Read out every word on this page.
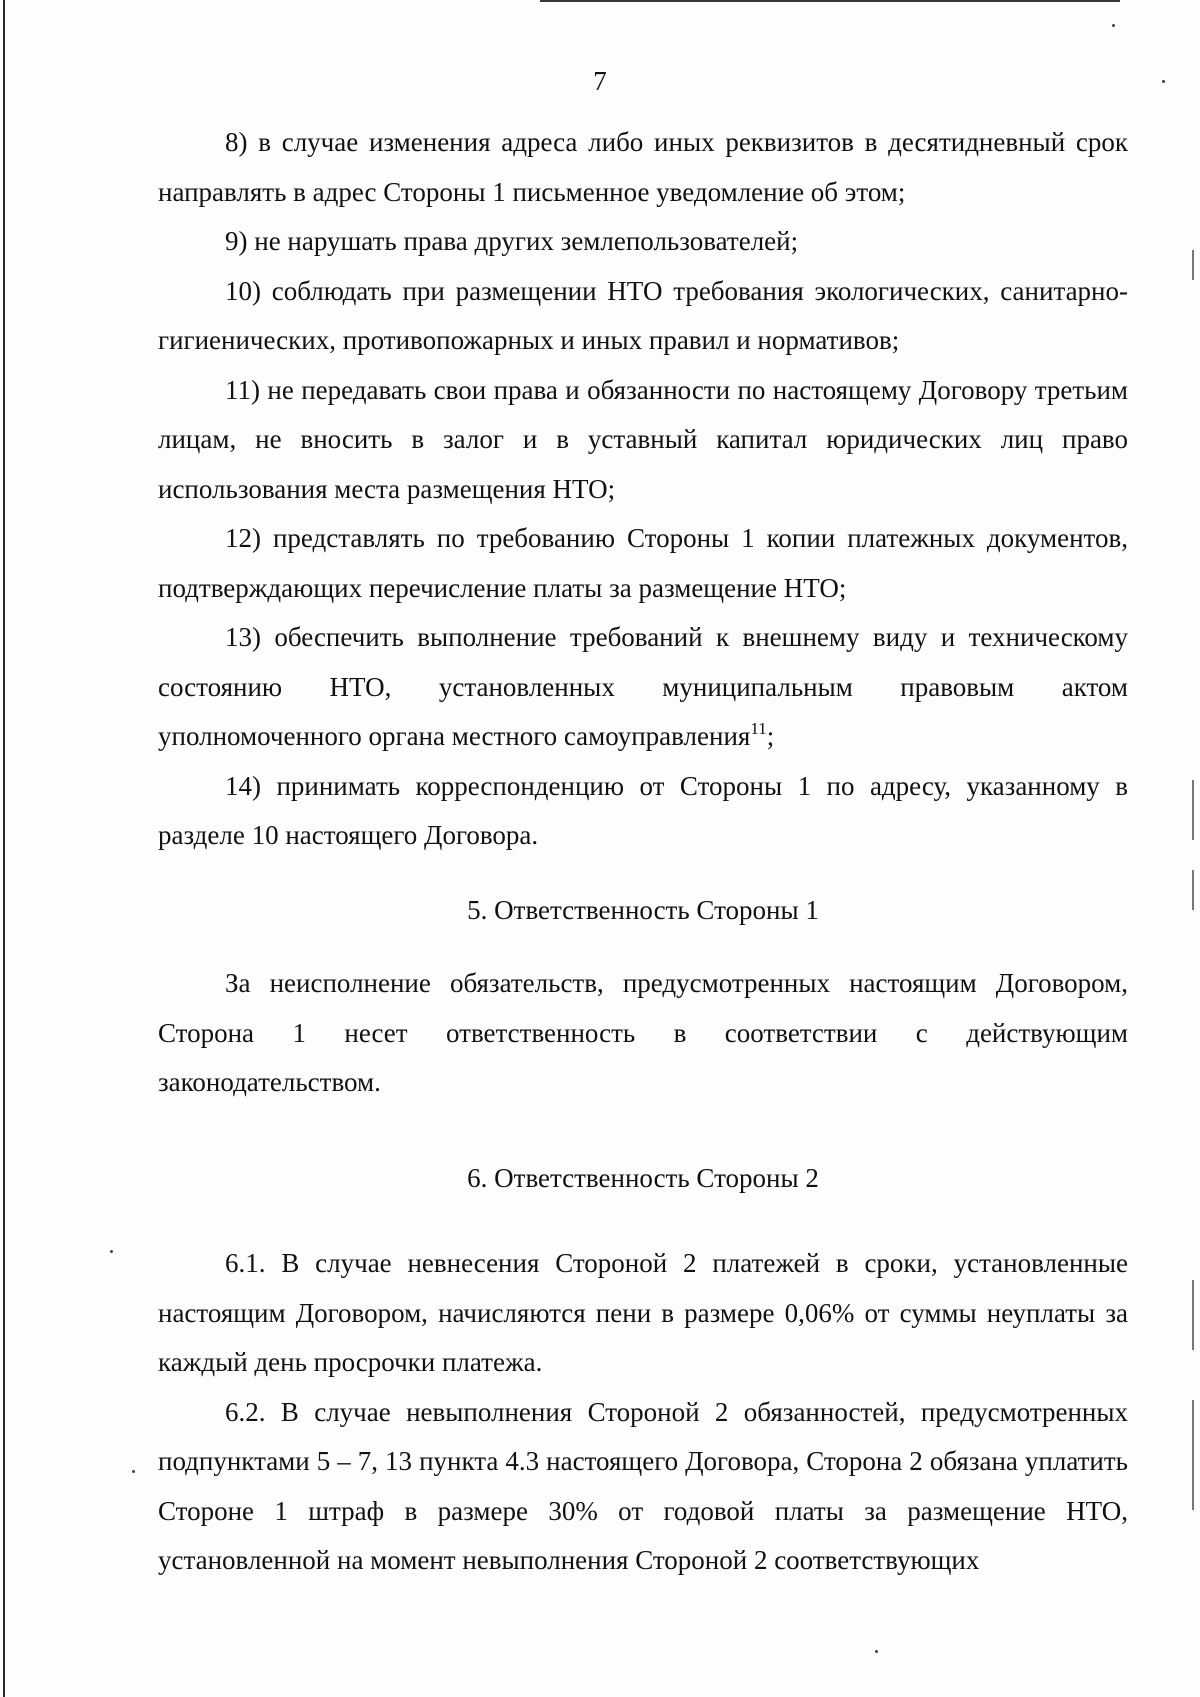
7

8) в случае изменения адреса либо иных реквизитов в десятидневный срок направлять в адрес Стороны 1 письменное уведомление об этом;

9) не нарушать права других землепользователей;

10) соблюдать при размещении НТО требования экологических, санитарно-гигиенических, противопожарных и иных правил и нормативов;

11) не передавать свои права и обязанности по настоящему Договору третьим лицам, не вносить в залог и в уставный капитал юридических лиц право использования места размещения НТО;

12) представлять по требованию Стороны 1 копии платежных документов, подтверждающих перечисление платы за размещение НТО;

13) обеспечить выполнение требований к внешнему виду и техническому состоянию НТО, установленных муниципальным правовым актом уполномоченного органа местного самоуправления$^{11}$;

14) принимать корреспонденцию от Стороны 1 по адресу, указанному в разделе 10 настоящего Договора.

5. Ответственность Стороны 1

За неисполнение обязательств, предусмотренных настоящим Договором, Сторона 1 несет ответственность в соответствии с действующим законодательством.

6. Ответственность Стороны 2

6.1. В случае невнесения Стороной 2 платежей в сроки, установленные настоящим Договором, начисляются пени в размере 0,06% от суммы неуплаты за каждый день просрочки платежа.

6.2. В случае невыполнения Стороной 2 обязанностей, предусмотренных подпунктами 5 – 7, 13 пункта 4.3 настоящего Договора, Сторона 2 обязана уплатить Стороне 1 штраф в размере 30% от годовой платы за размещение НТО, установленной на момент невыполнения Стороной 2 соответствующих
